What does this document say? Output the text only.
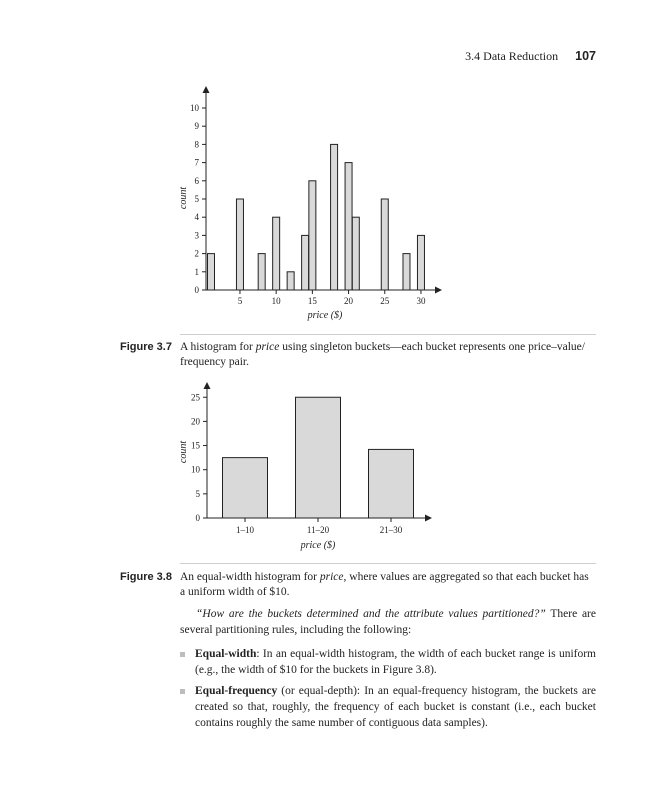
3.4 Data Reduction 107
count
price ($)
0
1
2
3
4
5
6
7
8
9
10
5	10	15	20	25	30
Figure 3.7 A histogram for price using singleton buckets—each bucket represents one price–value/ frequency pair.
count
price ($)
0
5
10
15
20
25
1–10	11–20	21–30
Figure 3.8 An equal-width histogram for price, where values are aggregated so that each bucket has a uniform width of $10.

“How are the buckets determined and the attribute values partitioned?” There are several partitioning rules, including the following:

Equal-width: In an equal-width histogram, the width of each bucket range is uniform (e.g., the width of $10 for the buckets in Figure 3.8).
Equal-frequency (or equal-depth): In an equal-frequency histogram, the buckets are created so that, roughly, the frequency of each bucket is constant (i.e., each bucket contains roughly the same number of contiguous data samples).
